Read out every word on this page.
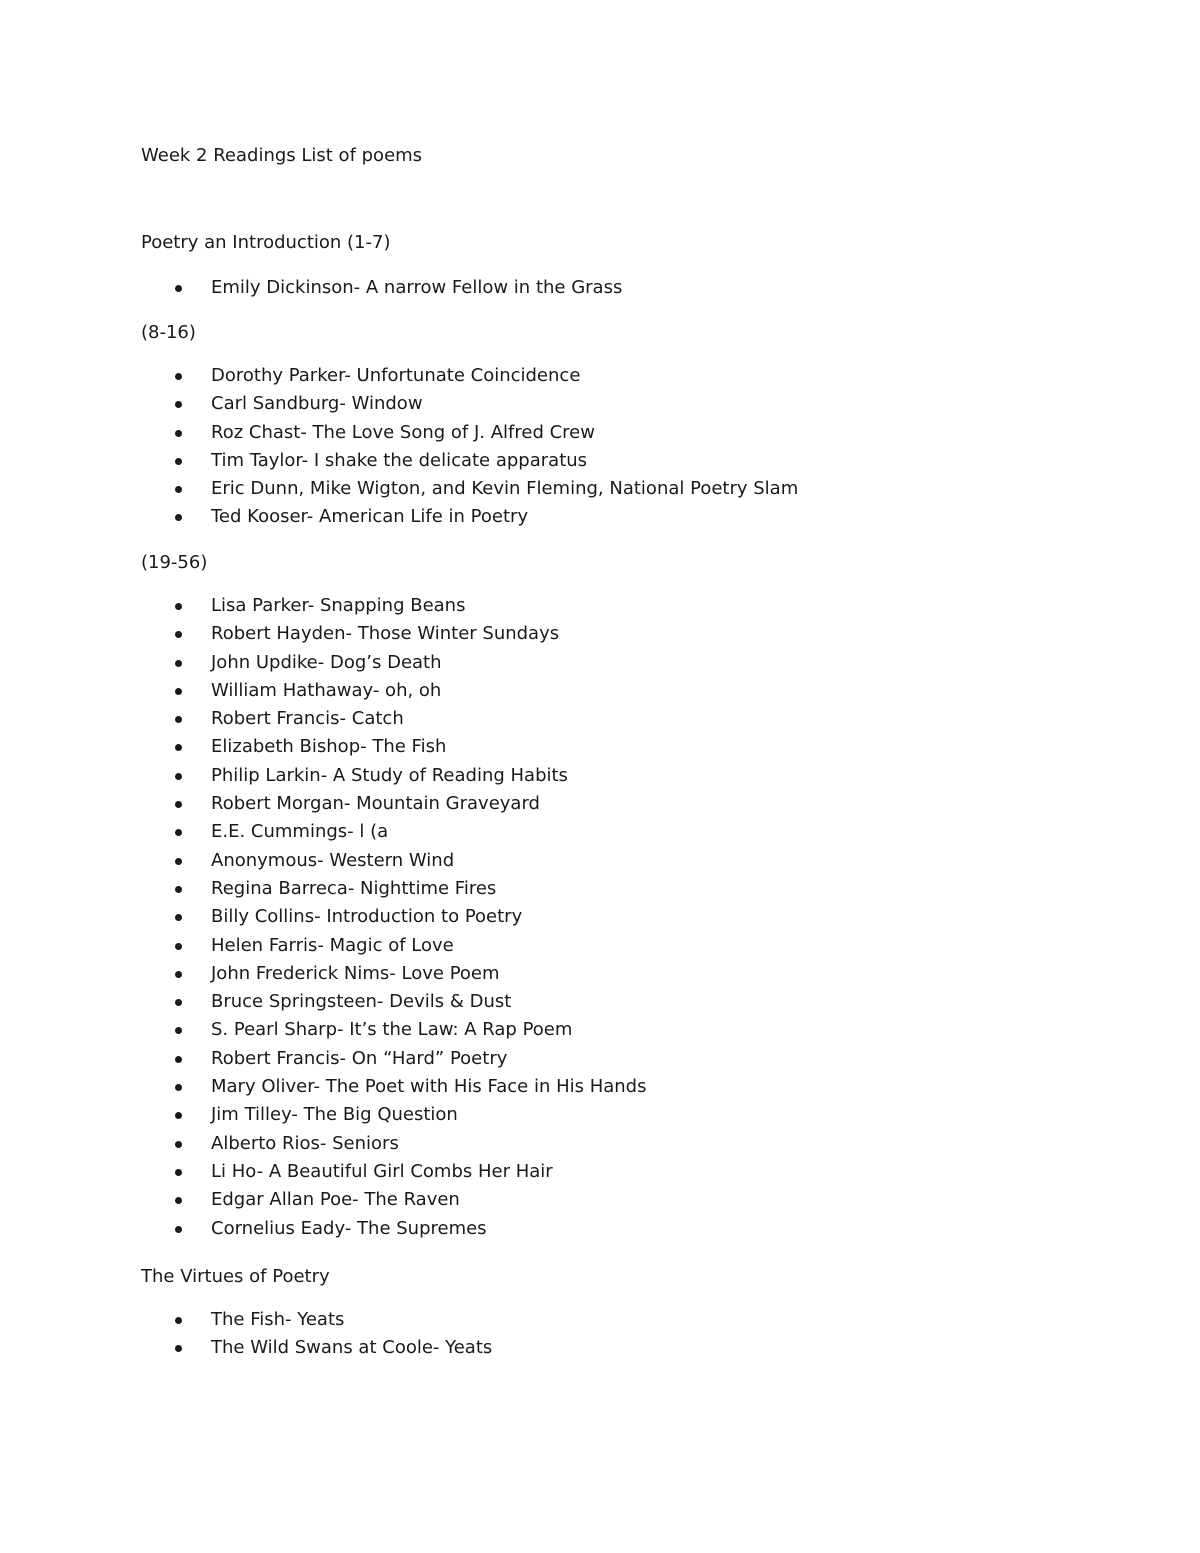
Week 2 Readings List of poems
Poetry an Introduction (1-7)
Emily Dickinson- A narrow Fellow in the Grass
(8-16)
Dorothy Parker- Unfortunate Coincidence
Carl Sandburg- Window
Roz Chast- The Love Song of J. Alfred Crew
Tim Taylor- I shake the delicate apparatus
Eric Dunn, Mike Wigton, and Kevin Fleming, National Poetry Slam
Ted Kooser- American Life in Poetry
(19-56)
Lisa Parker- Snapping Beans
Robert Hayden- Those Winter Sundays
John Updike- Dog’s Death
William Hathaway- oh, oh
Robert Francis- Catch
Elizabeth Bishop- The Fish
Philip Larkin- A Study of Reading Habits
Robert Morgan- Mountain Graveyard
E.E. Cummings- l (a
Anonymous- Western Wind
Regina Barreca- Nighttime Fires
Billy Collins- Introduction to Poetry
Helen Farris- Magic of Love
John Frederick Nims- Love Poem
Bruce Springsteen- Devils & Dust
S. Pearl Sharp- It’s the Law: A Rap Poem
Robert Francis- On “Hard” Poetry
Mary Oliver- The Poet with His Face in His Hands
Jim Tilley- The Big Question
Alberto Rios- Seniors
Li Ho- A Beautiful Girl Combs Her Hair
Edgar Allan Poe- The Raven
Cornelius Eady- The Supremes
The Virtues of Poetry
The Fish- Yeats
The Wild Swans at Coole- Yeats
